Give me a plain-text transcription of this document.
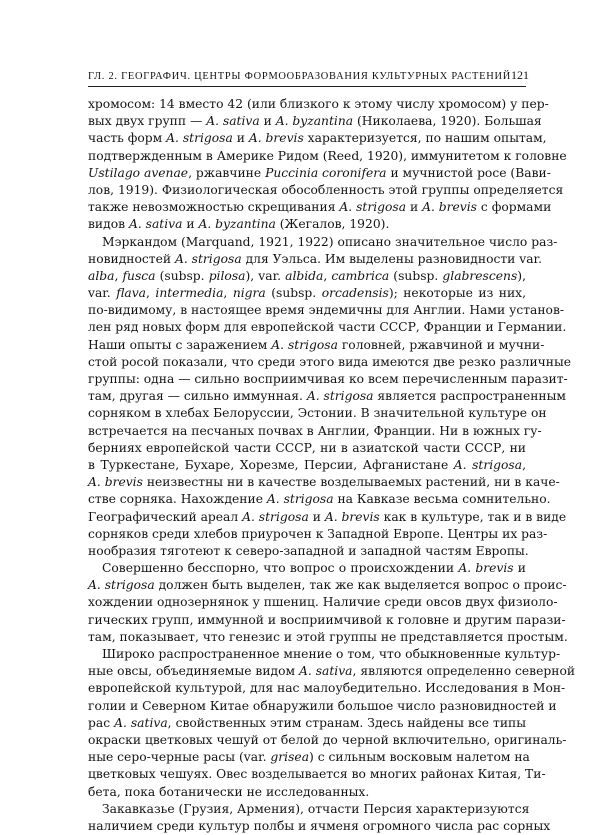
ГЛ. 2. ГЕОГРАФИЧ. ЦЕНТРЫ ФОРМООБРАЗОВАНИЯ КУЛЬТУРНЫХ РАСТЕНИЙ 121
хромосом: 14 вместо 42 (или близкого к этому числу хромосом) у пер-
вых двух групп — A. sativa и A. byzantina (Николаева, 1920). Большая
часть форм A. strigosa и A. brevis характеризуется, по нашим опытам,
подтвержденным в Америке Ридом (Reed, 1920), иммунитетом к головне
Ustilago avenae, ржавчине Puccinia coronifera и мучнистой росе (Вави-
лов, 1919). Физиологическая обособленность этой группы определяется
также невозможностью скрещивания A. strigosa и A. brevis с формами
видов A. sativa и A. byzantina (Жегалов, 1920).
Мэркандом (Marquand, 1921, 1922) описано значительное число раз-
новидностей A. strigosa для Уэльса. Им выделены разновидности var.
alba, fusca (subsp. pilosa), var. albida, cambrica (subsp. glabrescens),
var. flava, intermedia, nigra (subsp. orcadensis); некоторые из них,
по-видимому, в настоящее время эндемичны для Англии. Нами установ-
лен ряд новых форм для европейской части СССР, Франции и Германии.
Наши опыты с заражением A. strigosa головней, ржавчиной и мучни-
стой росой показали, что среди этого вида имеются две резко различные
группы: одна — сильно восприимчивая ко всем перечисленным паразит-
там, другая — сильно иммунная. A. strigosa является распространенным
сорняком в хлебах Белоруссии, Эстонии. В значительной культуре он
встречается на песчаных почвах в Англии, Франции. Ни в южных гу-
берниях европейской части СССР, ни в азиатской части СССР, ни
в Туркестане, Бухаре, Хорезме, Персии, Афганистане A. strigosa,
A. brevis неизвестны ни в качестве возделываемых растений, ни в каче-
стве сорняка. Нахождение A. strigosa на Кавказе весьма сомнительно.
Географический ареал A. strigosa и A. brevis как в культуре, так и в виде
сорняков среди хлебов приурочен к Западной Европе. Центры их раз-
нообразия тяготеют к северо-западной и западной частям Европы.
Совершенно бесспорно, что вопрос о происхождении A. brevis и
A. strigosa должен быть выделен, так же как выделяется вопрос о проис-
хождении однозернянок у пшениц. Наличие среди овсов двух физиоло-
гических групп, иммунной и восприимчивой к головне и другим парази-
там, показывает, что генезис и этой группы не представляется простым.
Широко распространенное мнение о том, что обыкновенные культур-
ные овсы, объединяемые видом A. sativa, являются определенно северной
европейской культурой, для нас малоубедительно. Исследования в Мон-
голии и Северном Китае обнаружили большое число разновидностей и
рас A. sativa, свойственных этим странам. Здесь найдены все типы
окраски цветковых чешуй от белой до черной включительно, оригиналь-
ные серо-черные расы (var. grisea) с сильным восковым налетом на
цветковых чешуях. Овес возделывается во многих районах Китая, Ти-
бета, пока ботанически не исследованных.
Закавказье (Грузия, Армения), отчасти Персия характеризуются
наличием среди культур полбы и ячменя огромного числа рас сорных
